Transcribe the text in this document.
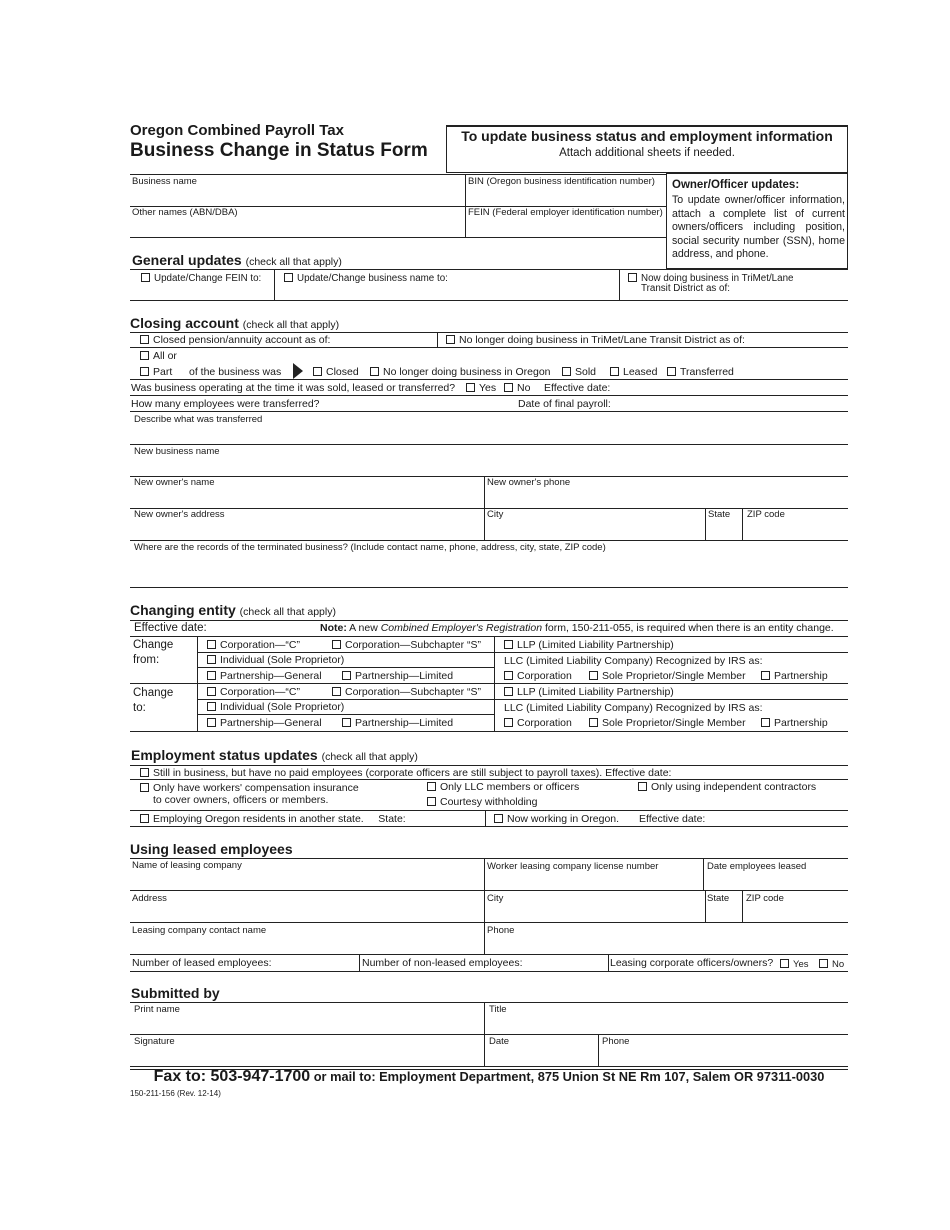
Oregon Combined Payroll Tax
Business Change in Status Form
To update business status and employment information
Attach additional sheets if needed.
Business name	BIN (Oregon business identification number)
Other names (ABN/DBA)	FEIN (Federal employer identification number)
Owner/Officer updates:
To update owner/officer information, attach a complete list of current owners/officers including position, social security number (SSN), home address, and phone.
General updates (check all that apply)
Update/Change FEIN to:	Update/Change business name to:	Now doing business in TriMet/Lane
Transit District as of:
Closing account (check all that apply)
Closed pension/annuity account as of:	No longer doing business in TriMet/Lane Transit District as of:
All or
Part of the business was	Closed	No longer doing business in Oregon	Sold	Leased	Transferred
Was business operating at the time it was sold, leased or transferred?	Yes	No Effective date:
How many employees were transferred?	Date of final payroll:
Describe what was transferred
New business name
New owner's name	New owner's phone
New owner's address	City	State	ZIP code
Where are the records of the terminated business? (Include contact name, phone, address, city, state, ZIP code)
Changing entity (check all that apply)
Effective date:	Note: A new Combined Employer's Registration form, 150-211-055, is required when there is an entity change.
Change
from:
Corporation—“C”	Corporation—Subchapter “S”	LLP (Limited Liability Partnership)
Individual (Sole Proprietor)	LLC (Limited Liability Company) Recognized by IRS as:
Partnership—General	Partnership—Limited	Corporation	Sole Proprietor/Single Member	Partnership
Change
to:
Corporation—“C”	Corporation—Subchapter “S”	LLP (Limited Liability Partnership)
Individual (Sole Proprietor)	LLC (Limited Liability Company) Recognized by IRS as:
Partnership—General	Partnership—Limited	Corporation	Sole Proprietor/Single Member	Partnership
Employment status updates (check all that apply)
Still in business, but have no paid employees (corporate officers are still subject to payroll taxes). Effective date:
Only have workers' compensation insurance
to cover owners, officers or members.
Only LLC members or officers
Courtesy withholding
Only using independent contractors
Employing Oregon residents in another state.     State:	Now working in Oregon. Effective date:
Using leased employees
Name of leasing company	Worker leasing company license number	Date employees leased
Address	City	State	ZIP code
Leasing company contact name	Phone
Number of leased employees:	Number of non-leased employees:	Leasing corporate officers/owners?	Yes	No
Submitted by
Print name	Title
Signature	Date	Phone
Fax to: 503-947-1700 or mail to: Employment Department, 875 Union St NE Rm 107, Salem OR 97311-0030
150-211-156 (Rev. 12-14)
